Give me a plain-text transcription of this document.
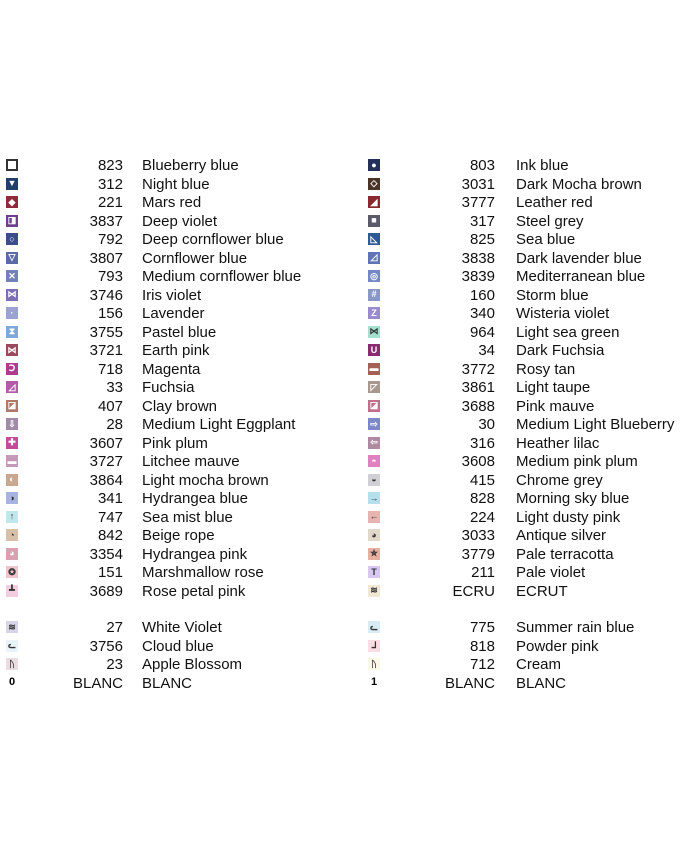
823 Blueberry blue
▼	312 Night blue
◆	221 Mars red
◨	3837 Deep violet
○	792 Deep cornflower blue
▽	3807 Cornflower blue
✕	793 Medium cornflower blue
⋈	3746 Iris violet
·	156 Lavender
⧗	3755 Pastel blue
⋈	3721 Earth pink
Ↄ	718 Magenta
◿	33 Fuchsia
◪	407 Clay brown
⇩	28 Medium Light Eggplant
✚	3607 Pink plum
▬	3727 Litchee mauve
◐	3864 Light mocha brown
◑	341 Hydrangea blue
↑	747 Sea mist blue
◔	842 Beige rope
◕	3354 Hydrangea pink
✪	151 Marshmallow rose
┻	3689 Rose petal pink
≋	27 White Violet
ᓚ	3756 Cloud blue
ᚢ	23 Apple Blossom
0	BLANC BLANC
●	803 Ink blue
◇	3031 Dark Mocha brown
◢	3777 Leather red
■	317 Steel grey
◺	825 Sea blue
◿	3838 Dark lavender blue
◎	3839 Mediterranean blue
#	160 Storm blue
Z	340 Wisteria violet
⋈	964 Light sea green
U	34 Dark Fuchsia
▬	3772 Rosy tan
◸	3861 Light taupe
◪	3688 Pink mauve
⇨	30 Medium Light Blueberry
⇦	316 Heather lilac
◓	3608 Medium pink plum
◒	415 Chrome grey
→	828 Morning sky blue
←	224 Light dusty pink
◕	3033 Antique silver
✮	3779 Pale terracotta
T	211 Pale violet
≋	ECRU ECRUT
ᓚ	775 Summer rain blue
ᒧ	818 Powder pink
ᚢ	712 Cream
1	BLANC BLANC
